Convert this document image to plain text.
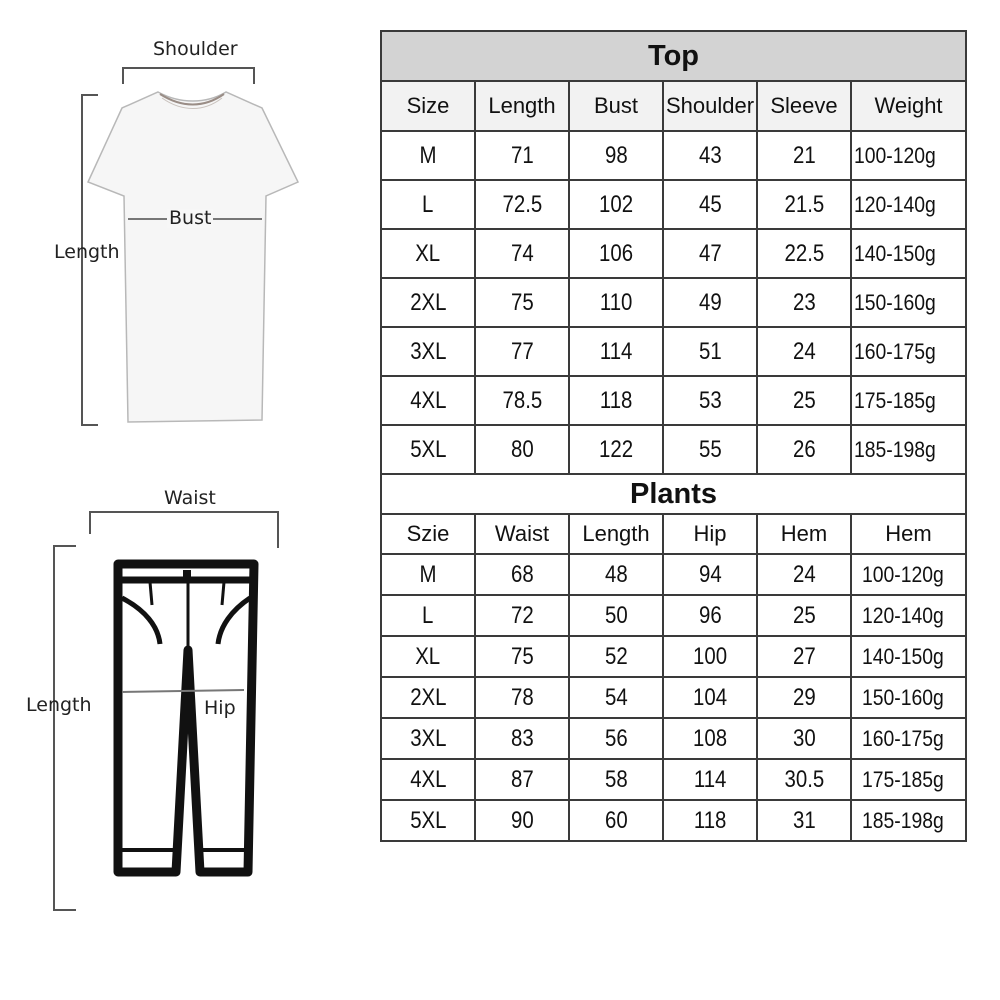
Shoulder
Bust
Length
Waist
Length	Hip
Top					
Size	Length	Bust	Shoulder	Sleeve	Weight
M	71	98	43	21	100-120g
L	72.5	102	45	21.5	120-140g
XL	74	106	47	22.5	140-150g
2XL	75	110	49	23	150-160g
3XL	77	114	51	24	160-175g
4XL	78.5	118	53	25	175-185g
5XL	80	122	55	26	185-198g
Plants					
Szie	Waist	Length	Hip	Hem	Hem
M	68	48	94	24	100-120g
L	72	50	96	25	120-140g
XL	75	52	100	27	140-150g
2XL	78	54	104	29	150-160g
3XL	83	56	108	30	160-175g
4XL	87	58	114	30.5	175-185g
5XL	90	60	118	31	185-198g
